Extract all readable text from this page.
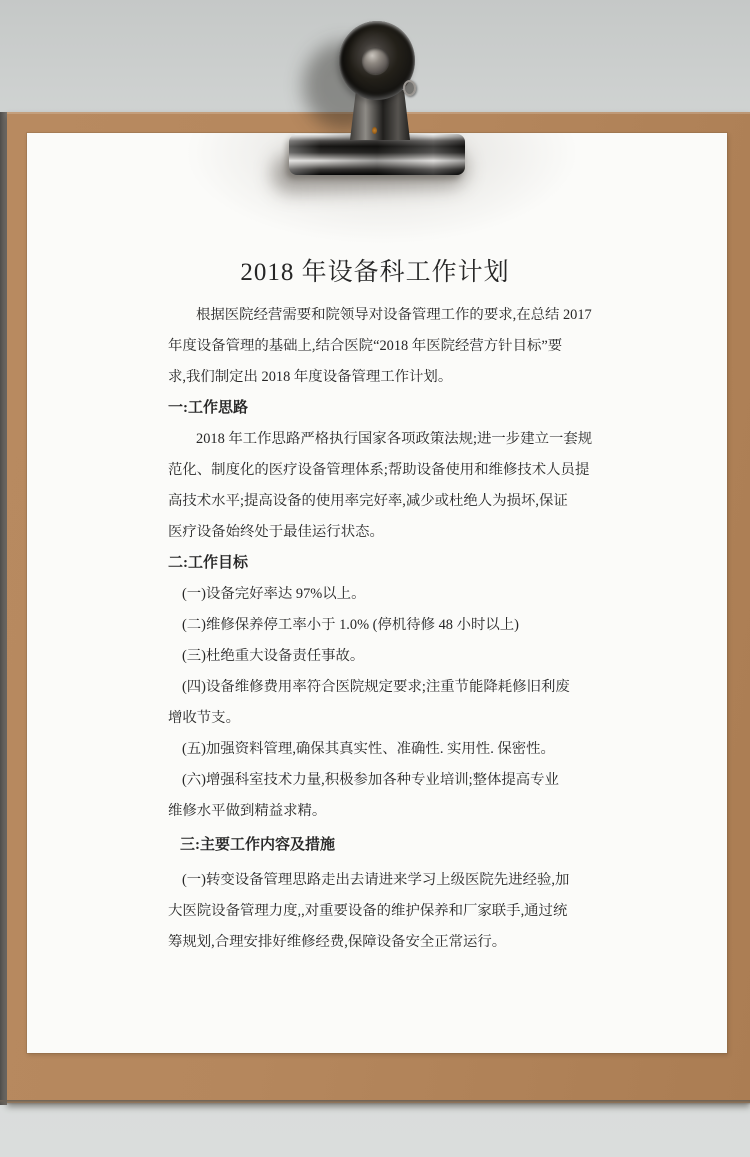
2018 年设备科工作计划
根据医院经营需要和院领导对设备管理工作的要求,在总结 2017
年度设备管理的基础上,结合医院“2018 年医院经营方针目标”要
求,我们制定出 2018 年度设备管理工作计划。
一:工作思路
2018 年工作思路严格执行国家各项政策法规;进一步建立一套规
范化、制度化的医疗设备管理体系;帮助设备使用和维修技术人员提
高技术水平;提高设备的使用率完好率,减少或杜绝人为损坏,保证
医疗设备始终处于最佳运行状态。
二:工作目标
(一)设备完好率达 97%以上。
(二)维修保养停工率小于 1.0% (停机待修 48 小时以上)
(三)杜绝重大设备责任事故。
(四)设备维修费用率符合医院规定要求;注重节能降耗修旧利废
增收节支。
(五)加强资料管理,确保其真实性、准确性. 实用性. 保密性。
(六)增强科室技术力量,积极参加各种专业培训;整体提高专业
维修水平做到精益求精。
三:主要工作内容及措施
(一)转变设备管理思路走出去请进来学习上级医院先进经验,加
大医院设备管理力度,,对重要设备的维护保养和厂家联手,通过统
筹规划,合理安排好维修经费,保障设备安全正常运行。
